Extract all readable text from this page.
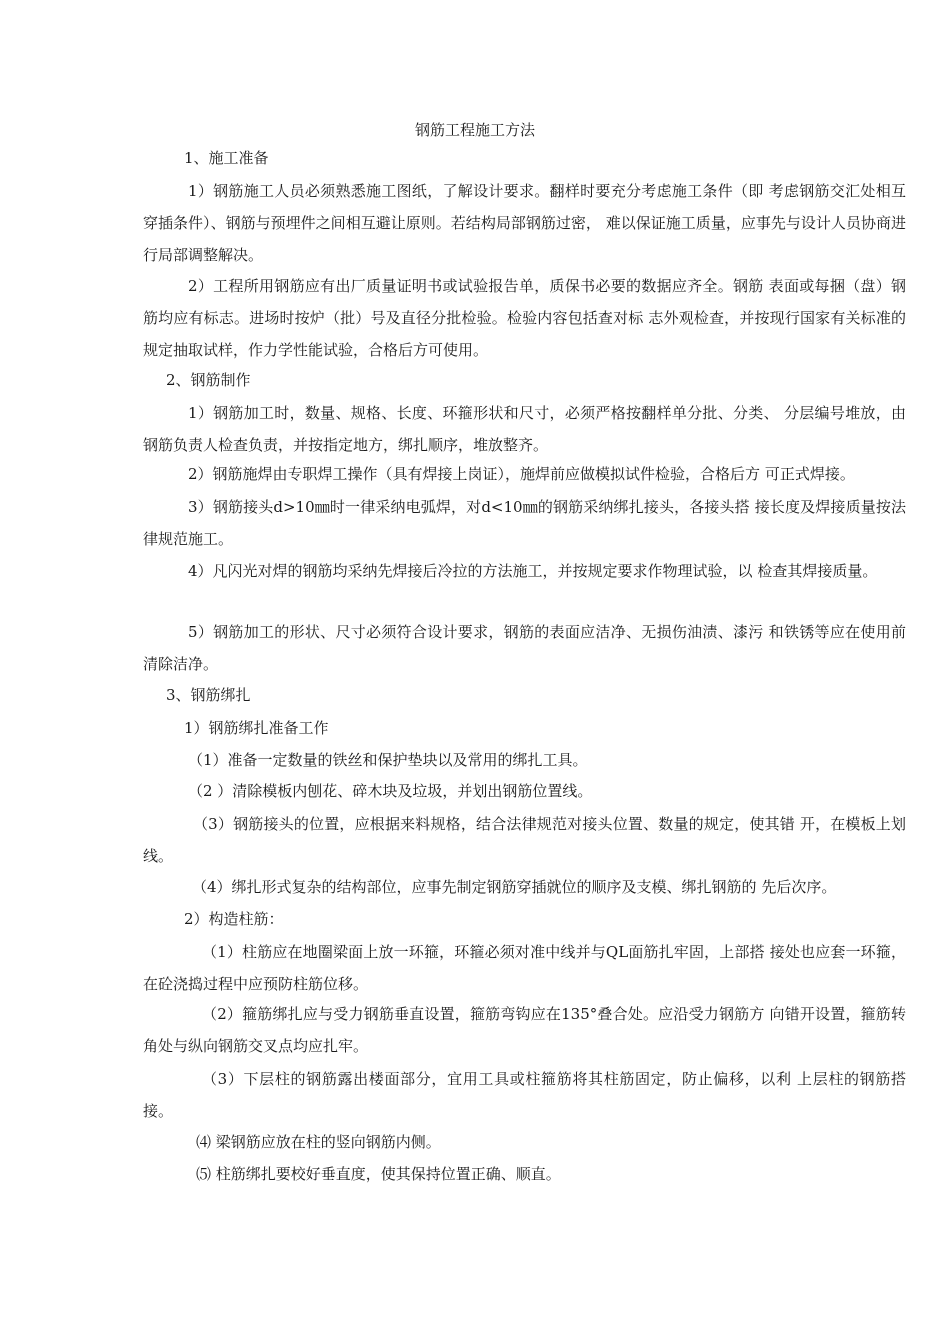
钢筋工程施工方法
1、施工准备
1）钢筋施工人员必须熟悉施工图纸，了解设计要求。翻样时要充分考虑施工条件（即 考虑钢筋交汇处相互穿插条件）、钢筋与预埋件之间相互避让原则。若结构局部钢筋过密， 难以保证施工质量，应事先与设计人员协商进行局部调整解决。
2）工程所用钢筋应有出厂质量证明书或试验报告单，质保书必要的数据应齐全。钢筋 表面或每捆（盘）钢筋均应有标志。进场时按炉（批）号及直径分批检验。检验内容包括查对标 志外观检查，并按现行国家有关标准的规定抽取试样，作力学性能试验，合格后方可使用。
2、钢筋制作
1）钢筋加工时，数量、规格、长度、环箍形状和尺寸，必须严格按翻样单分批、分类、 分层编号堆放，由钢筋负责人检查负责，并按指定地方，绑扎顺序，堆放整齐。
2）钢筋施焊由专职焊工操作（具有焊接上岗证），施焊前应做模拟试件检验，合格后方 可正式焊接。
3）钢筋接头d>10㎜时一律采纳电弧焊，对d<10㎜的钢筋采纳绑扎接头，各接头搭 接长度及焊接质量按法律规范施工。
4）凡闪光对焊的钢筋均采纳先焊接后冷拉的方法施工，并按规定要求作物理试验，以 检查其焊接质量。
5）钢筋加工的形状、尺寸必须符合设计要求，钢筋的表面应洁净、无损伤油渍、漆污 和铁锈等应在使用前清除洁净。
3、钢筋绑扎
1）钢筋绑扎准备工作
（1）准备一定数量的铁丝和保护垫块以及常用的绑扎工具。
（2 ）清除模板内刨花、碎木块及垃圾，并划出钢筋位置线。
（3）钢筋接头的位置，应根据来料规格，结合法律规范对接头位置、数量的规定，使其错 开，在模板上划线。
（4）绑扎形式复杂的结构部位，应事先制定钢筋穿插就位的顺序及支模、绑扎钢筋的 先后次序。
2）构造柱筋：
（1）柱筋应在地圈梁面上放一环箍，环箍必须对准中线并与QL面筋扎牢固，上部搭 接处也应套一环箍，在砼浇捣过程中应预防柱筋位移。
（2）箍筋绑扎应与受力钢筋垂直设置，箍筋弯钩应在135°叠合处。应沿受力钢筋方 向错开设置，箍筋转角处与纵向钢筋交叉点均应扎牢。
（3）下层柱的钢筋露出楼面部分，宜用工具或柱箍筋将其柱筋固定，防止偏移，以利 上层柱的钢筋搭接。
⑷ 梁钢筋应放在柱的竖向钢筋内侧。
⑸ 柱筋绑扎要校好垂直度，使其保持位置正确、顺直。
